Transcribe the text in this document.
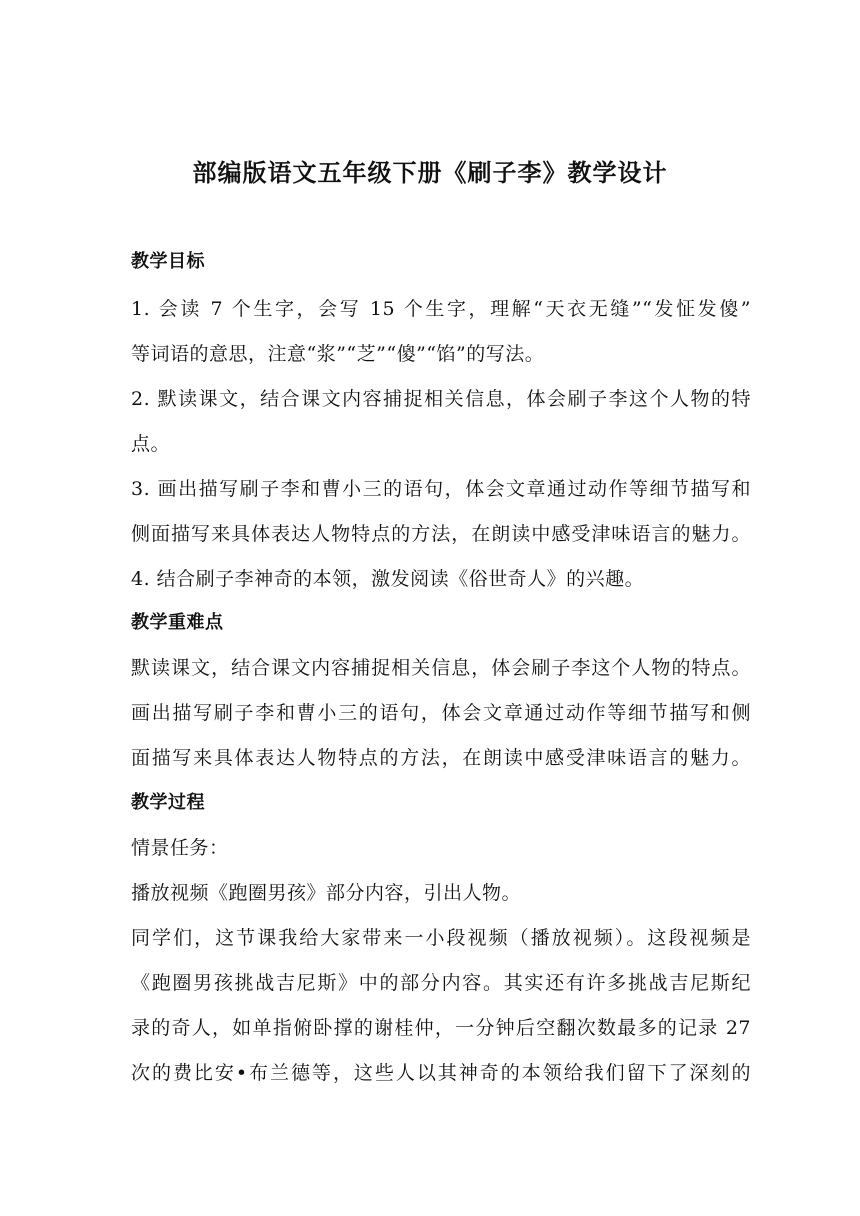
部编版语文五年级下册《刷子李》教学设计
教学目标
1. 会读 7 个生字，会写 15 个生字，理解“天衣无缝”“发怔发傻”
等词语的意思，注意“浆”“芝”“傻”“馅”的写法。
2. 默读课文，结合课文内容捕捉相关信息，体会刷子李这个人物的特
点。
3. 画出描写刷子李和曹小三的语句，体会文章通过动作等细节描写和
侧面描写来具体表达人物特点的方法，在朗读中感受津味语言的魅力。
4. 结合刷子李神奇的本领，激发阅读《俗世奇人》的兴趣。
教学重难点
默读课文，结合课文内容捕捉相关信息，体会刷子李这个人物的特点。
画出描写刷子李和曹小三的语句，体会文章通过动作等细节描写和侧
面描写来具体表达人物特点的方法，在朗读中感受津味语言的魅力。
教学过程
情景任务：
播放视频《跑圈男孩》部分内容，引出人物。
同学们，这节课我给大家带来一小段视频（播放视频）。这段视频是
《跑圈男孩挑战吉尼斯》中的部分内容。其实还有许多挑战吉尼斯纪
录的奇人，如单指俯卧撑的谢桂仲，一分钟后空翻次数最多的记录 27
次的费比安•布兰德等，这些人以其神奇的本领给我们留下了深刻的
